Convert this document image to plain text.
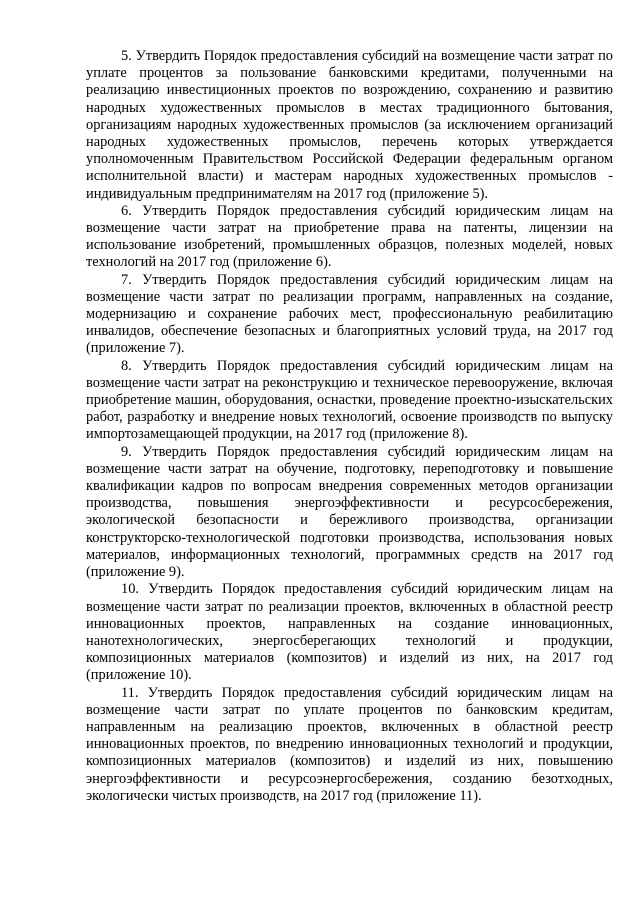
5. Утвердить Порядок предоставления субсидий на возмещение части затрат по уплате процентов за пользование банковскими кредитами, полученными на реализацию инвестиционных проектов по возрождению, сохранению и развитию народных художественных промыслов в местах традиционного бытования, организациям народных художественных промыслов (за исключением организаций народных художественных промыслов, перечень которых утверждается уполномоченным Правительством Российской Федерации федеральным органом исполнительной власти) и мастерам народных художественных промыслов - индивидуальным предпринимателям на 2017 год (приложение 5).

6. Утвердить Порядок предоставления субсидий юридическим лицам на возмещение части затрат на приобретение права на патенты, лицензии на использование изобретений, промышленных образцов, полезных моделей, новых технологий на 2017 год (приложение 6).

7. Утвердить Порядок предоставления субсидий юридическим лицам на возмещение части затрат по реализации программ, направленных на создание, модернизацию и сохранение рабочих мест, профессиональную реабилитацию инвалидов, обеспечение безопасных и благоприятных условий труда, на 2017 год (приложение 7).

8. Утвердить Порядок предоставления субсидий юридическим лицам на возмещение части затрат на реконструкцию и техническое перевооружение, включая приобретение машин, оборудования, оснастки, проведение проектно-изыскательских работ, разработку и внедрение новых технологий, освоение производств по выпуску импортозамещающей продукции, на 2017 год (приложение 8).

9. Утвердить Порядок предоставления субсидий юридическим лицам на возмещение части затрат на обучение, подготовку, переподготовку и повышение квалификации кадров по вопросам внедрения современных методов организации производства, повышения энергоэффективности и ресурсосбережения, экологической безопасности и бережливого производства, организации конструкторско-технологической подготовки производства, использования новых материалов, информационных технологий, программных средств на 2017 год (приложение 9).

10. Утвердить Порядок предоставления субсидий юридическим лицам на возмещение части затрат по реализации проектов, включенных в областной реестр инновационных проектов, направленных на создание инновационных, нанотехнологических, энергосберегающих технологий и продукции, композиционных материалов (композитов) и изделий из них, на 2017 год (приложение 10).

11. Утвердить Порядок предоставления субсидий юридическим лицам на возмещение части затрат по уплате процентов по банковским кредитам, направленным на реализацию проектов, включенных в областной реестр инновационных проектов, по внедрению инновационных технологий и продукции, композиционных материалов (композитов) и изделий из них, повышению энергоэффективности и ресурсоэнергосбережения, созданию безотходных, экологически чистых производств, на 2017 год (приложение 11).
